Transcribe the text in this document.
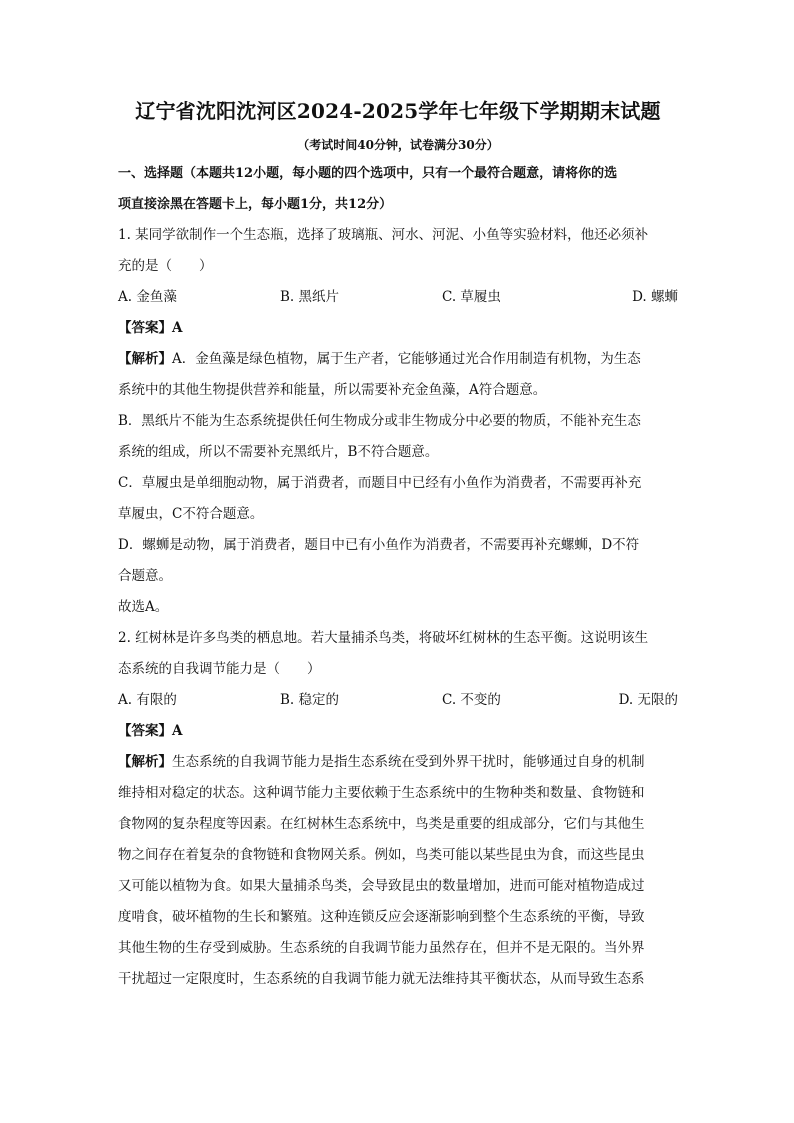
辽宁省沈阳沈河区2024-2025学年七年级下学期期末试题
（考试时间40分钟，试卷满分30分）
一、选择题（本题共12小题，每小题的四个选项中，只有一个最符合题意，请将你的选
项直接涂黑在答题卡上，每小题1分，共12分）

1. 某同学欲制作一个生态瓶，选择了玻璃瓶、河水、河泥、小鱼等实验材料，他还必须补

充的是（　　）

A. 金鱼藻	B. 黑纸片	C. 草履虫	D. 螺蛳

【答案】A

【解析】A．金鱼藻是绿色植物，属于生产者，它能够通过光合作用制造有机物，为生态

系统中的其他生物提供营养和能量，所以需要补充金鱼藻，A符合题意。

B．黑纸片不能为生态系统提供任何生物成分或非生物成分中必要的物质，不能补充生态

系统的组成，所以不需要补充黑纸片，B不符合题意。

C．草履虫是单细胞动物，属于消费者，而题目中已经有小鱼作为消费者，不需要再补充

草履虫，C不符合题意。

D．螺蛳是动物，属于消费者，题目中已有小鱼作为消费者，不需要再补充螺蛳，D不符

合题意。

故选A。

2. 红树林是许多鸟类的栖息地。若大量捕杀鸟类，将破坏红树林的生态平衡。这说明该生

态系统的自我调节能力是（　　）

A. 有限的	B. 稳定的	C. 不变的	D. 无限的

【答案】A

【解析】生态系统的自我调节能力是指生态系统在受到外界干扰时，能够通过自身的机制

维持相对稳定的状态。这种调节能力主要依赖于生态系统中的生物种类和数量、食物链和

食物网的复杂程度等因素。在红树林生态系统中，鸟类是重要的组成部分，它们与其他生

物之间存在着复杂的食物链和食物网关系。例如，鸟类可能以某些昆虫为食，而这些昆虫

又可能以植物为食。如果大量捕杀鸟类，会导致昆虫的数量增加，进而可能对植物造成过

度啃食，破坏植物的生长和繁殖。这种连锁反应会逐渐影响到整个生态系统的平衡，导致

其他生物的生存受到威胁。生态系统的自我调节能力虽然存在，但并不是无限的。当外界

干扰超过一定限度时，生态系统的自我调节能力就无法维持其平衡状态，从而导致生态系
